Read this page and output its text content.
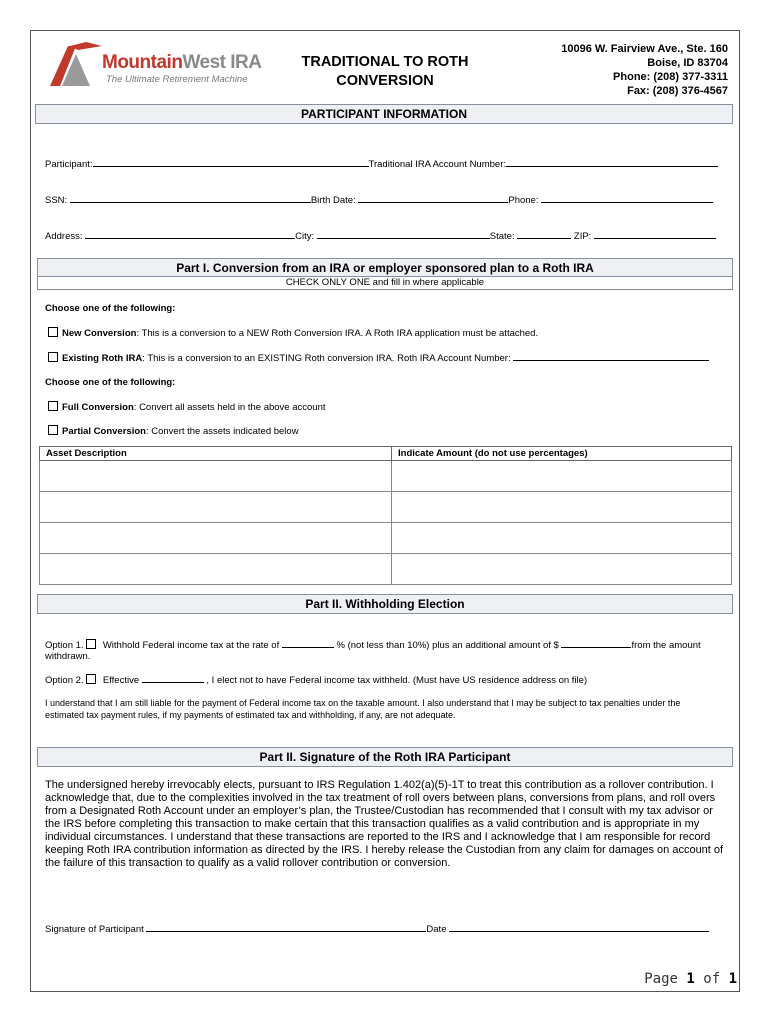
MountainWest IRA
The Ultimate Retirement Machine
TRADITIONAL TO ROTH
CONVERSION
10096 W. Fairview Ave., Ste. 160
Boise, ID 83704
Phone: (208) 377-3311
Fax: (208) 376-4567
PARTICIPANT INFORMATION
Participant:	Traditional IRA Account Number:
SSN:	Birth Date:	Phone:
Address:	City:	State:	ZIP:
Part I. Conversion from an IRA or employer sponsored plan to a Roth IRA
CHECK ONLY ONE and fill in where applicable
Choose one of the following:
New Conversion: This is a conversion to a NEW Roth Conversion IRA. A Roth IRA application must be attached.
Existing Roth IRA: This is a conversion to an EXISTING Roth conversion IRA. Roth IRA Account Number:
Choose one of the following:
Full Conversion: Convert all assets held in the above account
Partial Conversion: Convert the assets indicated below
Asset Description	Indicate Amount (do not use percentages)

Part II. Withholding Election
Option 1. Withhold Federal income tax at the rate of	% (not less than 10%) plus an additional amount of $	from the amount
withdrawn.
Option 2. Effective	, I elect not to have Federal income tax withheld. (Must have US residence address on file)
I understand that I am still liable for the payment of Federal income tax on the taxable amount. I also understand that I may be subject to tax penalties under the
estimated tax payment rules, if my payments of estimated tax and withholding, if any, are not adequate.
Part II. Signature of the Roth IRA Participant
The undersigned hereby irrevocably elects, pursuant to IRS Regulation 1.402(a)(5)-1T to treat this contribution as a rollover contribution. I
acknowledge that, due to the complexities involved in the tax treatment of roll overs between plans, conversions from plans, and roll overs
from a Designated Roth Account under an employer’s plan, the Trustee/Custodian has recommended that I consult with my tax advisor or
the IRS before completing this transaction to make certain that this transaction qualifies as a valid contribution and is appropriate in my
individual circumstances. I understand that these transactions are reported to the IRS and I acknowledge that I am responsible for record
keeping Roth IRA contribution information as directed by the IRS. I hereby release the Custodian from any claim for damages on account of
the failure of this transaction to qualify as a valid rollover contribution or conversion.
Signature of Participant	Date
Page 1 of 1
